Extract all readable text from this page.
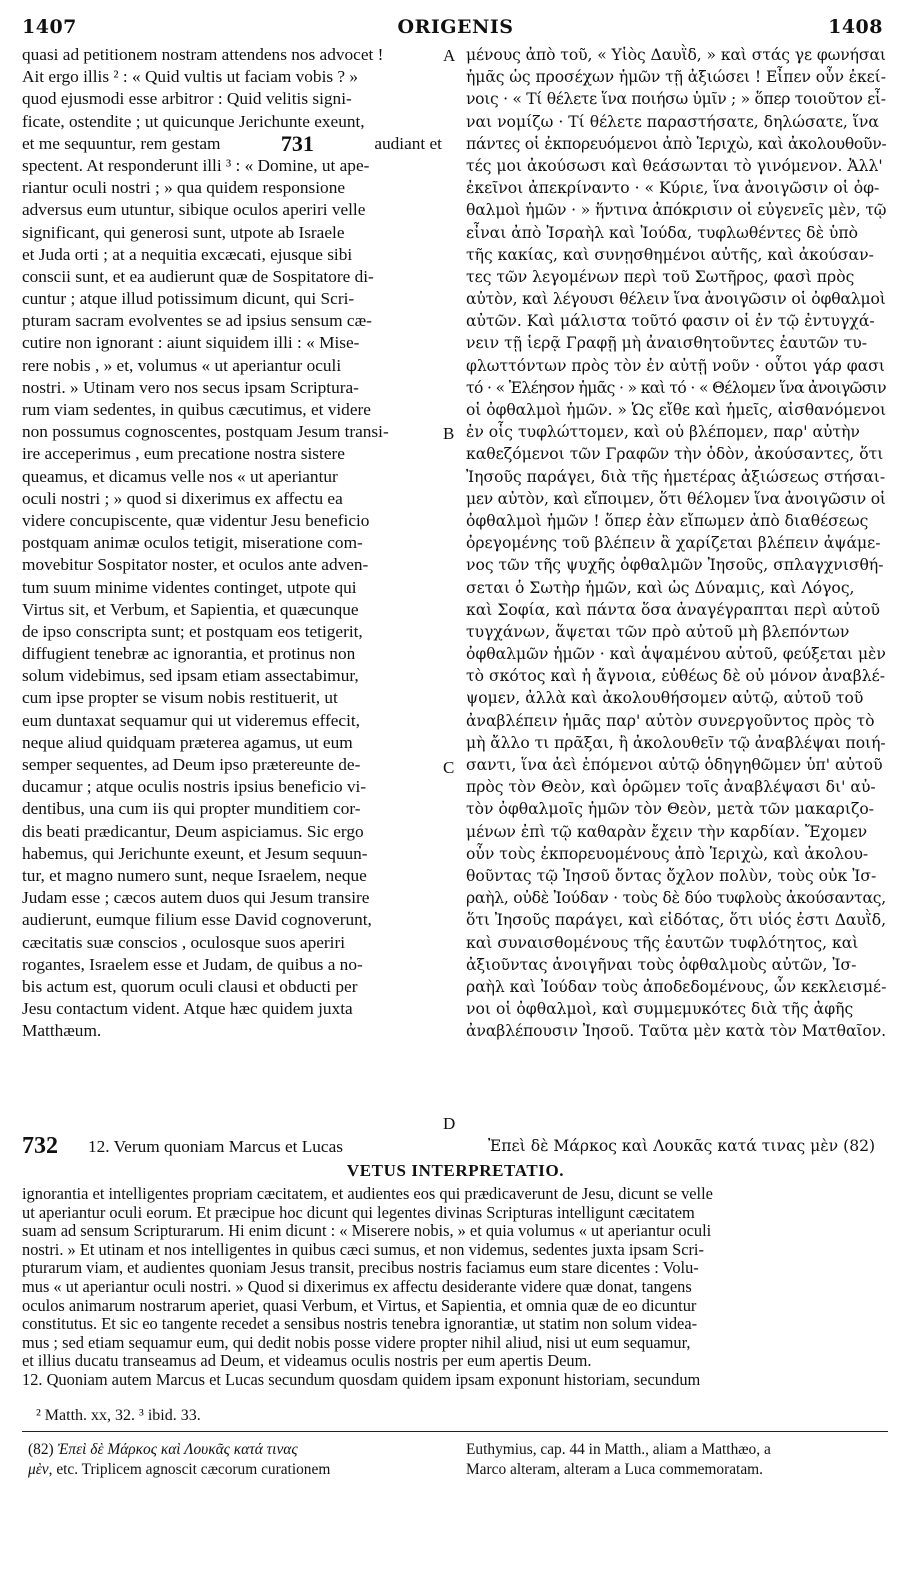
1407	ORIGENIS	1408
quasi ad petitionem nostram attendens nos advocet !
Ait ergo illis ² : « Quid vultis ut faciam vobis ? »
quod ejusmodi esse arbitror : Quid velitis signi-
ficate, ostendite ; ut quicunque Jerichunte exeunt,
et me sequuntur, rem gestam	731	audiant et
spectent. At responderunt illi ³ : « Domine, ut ape-
riantur oculi nostri ; » qua quidem responsione
adversus eum utuntur, sibique oculos aperiri velle
significant, qui generosi sunt, utpote ab Israele
et Juda orti ; at a nequitia excæcati, ejusque sibi
conscii sunt, et ea audierunt quæ de Sospitatore di-
cuntur ; atque illud potissimum dicunt, qui Scri-
pturam sacram evolventes se ad ipsius sensum cæ-
cutire non ignorant : aiunt siquidem illi : « Mise-
rere nobis , » et, volumus « ut aperiantur oculi
nostri. » Utinam vero nos secus ipsam Scriptura-
rum viam sedentes, in quibus cæcutimus, et videre
non possumus cognoscentes, postquam Jesum transi-
ire acceperimus , eum precatione nostra sistere
queamus, et dicamus velle nos « ut aperiantur
oculi nostri ; » quod si dixerimus ex affectu ea
videre concupiscente, quæ videntur Jesu beneficio
postquam animæ oculos tetigit, miseratione com-
movebitur Sospitator noster, et oculos ante adven-
tum suum minime videntes continget, utpote qui
Virtus sit, et Verbum, et Sapientia, et quæcunque
de ipso conscripta sunt; et postquam eos tetigerit,
diffugient tenebræ ac ignorantia, et protinus non
solum videbimus, sed ipsam etiam assectabimur,
cum ipse propter se visum nobis restituerit, ut
eum duntaxat sequamur qui ut videremus effecit,
neque aliud quidquam præterea agamus, ut eum
semper sequentes, ad Deum ipso prætereunte de-
ducamur ; atque oculis nostris ipsius beneficio vi-
dentibus, una cum iis qui propter munditiem cor-
dis beati prædicantur, Deum aspiciamus. Sic ergo
habemus, qui Jerichunte exeunt, et Jesum sequun-
tur, et magno numero sunt, neque Israelem, neque
Judam esse ; cæcos autem duos qui Jesum transire
audierunt, eumque filium esse David cognoverunt,
cæcitatis suæ conscios , oculosque suos aperiri
rogantes, Israelem esse et Judam, de quibus a no-
bis actum est, quorum oculi clausi et obducti per
Jesu contactum vident. Atque hæc quidem juxta
Matthæum.
μένους ἀπὸ τοῦ, « Υἱὸς Δαυῒδ, » καὶ στάς γε φωνήσαι
ἡμᾶς ὡς προσέχων ἡμῶν τῇ ἀξιώσει ! Εἶπεν οὖν ἐκεί-
νοις · « Τί θέλετε ἵνα ποιήσω ὑμῖν ; » ὅπερ τοιοῦτον εἶ-
ναι νομίζω · Τί θέλετε παραστήσατε, δηλώσατε, ἵνα
πάντες οἱ ἐκπορευόμενοι ἀπὸ Ἱεριχὼ, καὶ ἀκολουθοῦν-
τές μοι ἀκούσωσι καὶ θεάσωνται τὸ γινόμενον. Ἀλλ'
ἐκεῖνοι ἀπεκρίναντο · « Κύριε, ἵνα ἀνοιγῶσιν οἱ ὀφ-
θαλμοὶ ἡμῶν · » ἥντινα ἀπόκρισιν οἱ εὐγενεῖς μὲν, τῷ
εἶναι ἀπὸ Ἰσραὴλ καὶ Ἰούδα, τυφλωθέντες δὲ ὑπὸ
τῆς κακίας, καὶ συνῃσθημένοι αὐτῆς, καὶ ἀκούσαν-
τες τῶν λεγομένων περὶ τοῦ Σωτῆρος, φασὶ πρὸς
αὐτὸν, καὶ λέγουσι θέλειν ἵνα ἀνοιγῶσιν οἱ ὀφθαλμοὶ
αὐτῶν. Καὶ μάλιστα τοῦτό φασιν οἱ ἐν τῷ ἐντυγχά-
νειν τῇ ἱερᾷ Γραφῇ μὴ ἀναισθητοῦντες ἑαυτῶν τυ-
φλωττόντων πρὸς τὸν ἐν αὐτῇ νοῦν · οὗτοι γάρ φασι
τό · « Ἐλέησον ἡμᾶς · » καὶ τό · « Θέλομεν ἵνα ἀνοιγῶσιν
οἱ ὀφθαλμοὶ ἡμῶν. » Ὡς εἴθε καὶ ἡμεῖς, αἰσθανόμενοι
ἐν οἷς τυφλώττομεν, καὶ οὐ βλέπομεν, παρ' αὐτὴν
καθεζόμενοι τῶν Γραφῶν τὴν ὁδὸν, ἀκούσαντες, ὅτι
Ἰησοῦς παράγει, διὰ τῆς ἡμετέρας ἀξιώσεως στήσαι-
μεν αὐτὸν, καὶ εἴποιμεν, ὅτι θέλομεν ἵνα ἀνοιγῶσιν οἱ
ὀφθαλμοὶ ἡμῶν ! ὅπερ ἐὰν εἴπωμεν ἀπὸ διαθέσεως
ὀρεγομένης τοῦ βλέπειν ἃ χαρίζεται βλέπειν ἀψάμε-
νος τῶν τῆς ψυχῆς ὀφθαλμῶν Ἰησοῦς, σπλαγχνισθή-
σεται ὁ Σωτὴρ ἡμῶν, καὶ ὡς Δύναμις, καὶ Λόγος,
καὶ Σοφία, καὶ πάντα ὅσα ἀναγέγραπται περὶ αὐτοῦ
τυγχάνων, ἅψεται τῶν πρὸ αὐτοῦ μὴ βλεπόντων
ὀφθαλμῶν ἡμῶν · καὶ ἁψαμένου αὐτοῦ, φεύξεται μὲν
τὸ σκότος καὶ ἡ ἄγνοια, εὐθέως δὲ οὐ μόνον ἀναβλέ-
ψομεν, ἀλλὰ καὶ ἀκολουθήσομεν αὐτῷ, αὐτοῦ τοῦ
ἀναβλέπειν ἡμᾶς παρ' αὐτὸν συνεργοῦντος πρὸς τὸ
μὴ ἄλλο τι πρᾶξαι, ἢ ἀκολουθεῖν τῷ ἀναβλέψαι ποιή-
σαντι, ἵνα ἀεὶ ἑπόμενοι αὐτῷ ὁδηγηθῶμεν ὑπ' αὐτοῦ
πρὸς τὸν Θεὸν, καὶ ὁρῶμεν τοῖς ἀναβλέψασι δι' αὐ-
τὸν ὀφθαλμοῖς ἡμῶν τὸν Θεὸν, μετὰ τῶν μακαριζο-
μένων ἐπὶ τῷ καθαρὰν ἔχειν τὴν καρδίαν. Ἔχομεν
οὖν τοὺς ἐκπορευομένους ἀπὸ Ἱεριχὼ, καὶ ἀκολου-
θοῦντας τῷ Ἰησοῦ ὄντας ὄχλον πολὺν, τοὺς οὐκ Ἰσ-
ραὴλ, οὐδὲ Ἰούδαν · τοὺς δὲ δύο τυφλοὺς ἀκούσαντας,
ὅτι Ἰησοῦς παράγει, καὶ εἰδότας, ὅτι υἱός ἐστι Δαυῒδ,
καὶ συναισθομένους τῆς ἑαυτῶν τυφλότητος, καὶ
ἀξιοῦντας ἀνοιγῆναι τοὺς ὀφθαλμοὺς αὐτῶν, Ἰσ-
ραὴλ καὶ Ἰούδαν τοὺς ἀποδεδομένους, ὧν κεκλεισμέ-
νοι οἱ ὀφθαλμοὶ, καὶ συμμεμυκότες διὰ τῆς ἀφῆς
ἀναβλέπουσιν Ἰησοῦ. Ταῦτα μὲν κατὰ τὸν Ματθαῖον.
A
B
C
D
732 12. Verum quoniam Marcus et Lucas	Ἐπεὶ δὲ Μάρκος καὶ Λουκᾶς κατά τινας μὲν (82)
VETUS INTERPRETATIO.
ignorantia et intelligentes propriam cæcitatem, et audientes eos qui prædicaverunt de Jesu, dicunt se velle
ut aperiantur oculi eorum. Et præcipue hoc dicunt qui legentes divinas Scripturas intelligunt cæcitatem
suam ad sensum Scripturarum. Hi enim dicunt : « Miserere nobis, » et quia volumus « ut aperiantur oculi
nostri. » Et utinam et nos intelligentes in quibus cæci sumus, et non videmus, sedentes juxta ipsam Scri-
pturarum viam, et audientes quoniam Jesus transit, precibus nostris faciamus eum stare dicentes : Volu-
mus « ut aperiantur oculi nostri. » Quod si dixerimus ex affectu desiderante videre quæ donat, tangens
oculos animarum nostrarum aperiet, quasi Verbum, et Virtus, et Sapientia, et omnia quæ de eo dicuntur
constitutus. Et sic eo tangente recedet a sensibus nostris tenebra ignorantiæ, ut statim non solum videa-
mus ; sed etiam sequamur eum, qui dedit nobis posse videre propter nihil aliud, nisi ut eum sequamur,
et illius ducatu transeamus ad Deum, et videamus oculis nostris per eum apertis Deum.
12. Quoniam autem Marcus et Lucas secundum quosdam quidem ipsam exponunt historiam, secundum
² Matth. xx, 32. ³ ibid. 33.
(82) Ἐπεὶ δὲ Μάρκος καὶ Λουκᾶς κατά τινας
μὲν, etc. Triplicem agnoscit cæcorum curationem
Euthymius, cap. 44 in Matth., aliam a Matthæo, a
Marco alteram, alteram a Luca commemoratam.
